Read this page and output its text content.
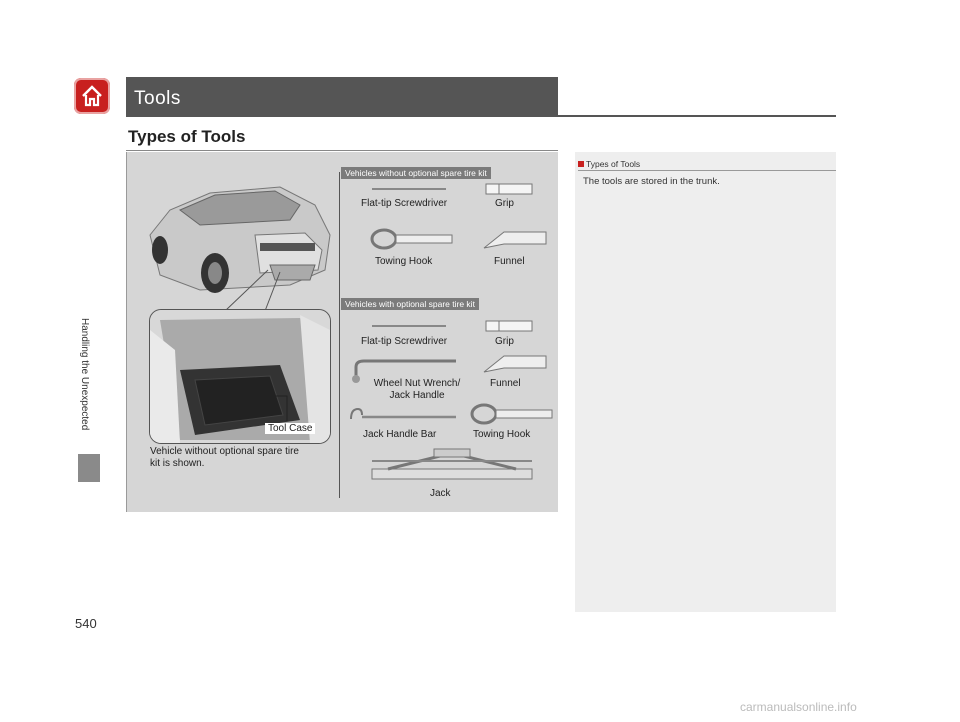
Tools
Types of Tools
Handling the Unexpected
540
Tool Case
Vehicle without optional spare tire
kit is shown.
Vehicles without optional spare tire kit
Flat-tip Screwdriver	Grip
Towing Hook	Funnel
Vehicles with optional spare tire kit
Flat-tip Screwdriver	Grip
Wheel Nut Wrench/
Jack Handle
Funnel
Jack Handle Bar	Towing Hook
Jack
Types of Tools
The tools are stored in the trunk.
carmanualsonline.info
